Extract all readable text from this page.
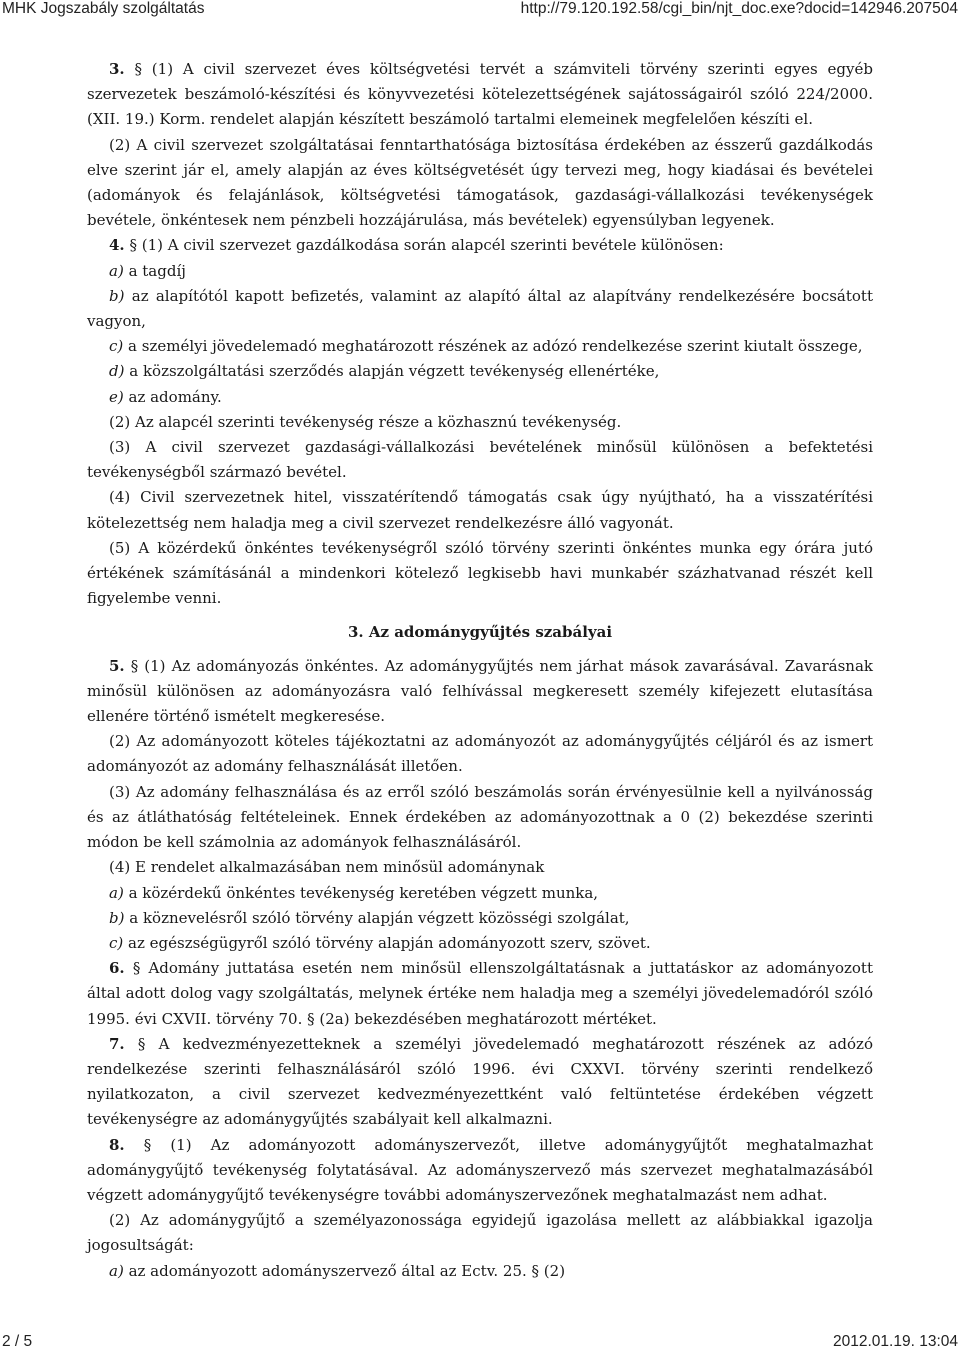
MHK Jogszabály szolgáltatás	http://79.120.192.58/cgi_bin/njt_doc.exe?docid=142946.207504

3. § (1) A civil szervezet éves költségvetési tervét a számviteli törvény szerinti egyes egyéb szervezetek beszámoló-készítési és könyvvezetési kötelezettségének sajátosságairól szóló 224/2000. (XII. 19.) Korm. rendelet alapján készített beszámoló tartalmi elemeinek megfelelően készíti el.

(2) A civil szervezet szolgáltatásai fenntarthatósága biztosítása érdekében az ésszerű gazdálkodás elve szerint jár el, amely alapján az éves költségvetését úgy tervezi meg, hogy kiadásai és bevételei (adományok és felajánlások, költségvetési támogatások, gazdasági-vállalkozási tevékenységek bevétele, önkéntesek nem pénzbeli hozzájárulása, más bevételek) egyensúlyban legyenek.

4. § (1) A civil szervezet gazdálkodása során alapcél szerinti bevétele különösen:

a) a tagdíj

b) az alapítótól kapott befizetés, valamint az alapító által az alapítvány rendelkezésére bocsátott vagyon,

c) a személyi jövedelemadó meghatározott részének az adózó rendelkezése szerint kiutalt összege,

d) a közszolgáltatási szerződés alapján végzett tevékenység ellenértéke,

e) az adomány.

(2) Az alapcél szerinti tevékenység része a közhasznú tevékenység.

(3) A civil szervezet gazdasági-vállalkozási bevételének minősül különösen a befektetési tevékenységből származó bevétel.

(4) Civil szervezetnek hitel, visszatérítendő támogatás csak úgy nyújtható, ha a visszatérítési kötelezettség nem haladja meg a civil szervezet rendelkezésre álló vagyonát.

(5) A közérdekű önkéntes tevékenységről szóló törvény szerinti önkéntes munka egy órára jutó értékének számításánál a mindenkori kötelező legkisebb havi munkabér százhatvanad részét kell figyelembe venni.

3. Az adománygyűjtés szabályai

5. § (1) Az adományozás önkéntes. Az adománygyűjtés nem járhat mások zavarásával. Zavarásnak minősül különösen az adományozásra való felhívással megkeresett személy kifejezett elutasítása ellenére történő ismételt megkeresése.

(2) Az adományozott köteles tájékoztatni az adományozót az adománygyűjtés céljáról és az ismert adományozót az adomány felhasználását illetően.

(3) Az adomány felhasználása és az erről szóló beszámolás során érvényesülnie kell a nyilvánosság és az átláthatóság feltételeinek. Ennek érdekében az adományozottnak a 0 (2) bekezdése szerinti módon be kell számolnia az adományok felhasználásáról.

(4) E rendelet alkalmazásában nem minősül adománynak

a) a közérdekű önkéntes tevékenység keretében végzett munka,

b) a köznevelésről szóló törvény alapján végzett közösségi szolgálat,

c) az egészségügyről szóló törvény alapján adományozott szerv, szövet.

6. § Adomány juttatása esetén nem minősül ellenszolgáltatásnak a juttatáskor az adományozott által adott dolog vagy szolgáltatás, melynek értéke nem haladja meg a személyi jövedelemadóról szóló 1995. évi CXVII. törvény 70. § (2a) bekezdésében meghatározott mértéket.

7. § A kedvezményezetteknek a személyi jövedelemadó meghatározott részének az adózó rendelkezése szerinti felhasználásáról szóló 1996. évi CXXVI. törvény szerinti rendelkező nyilatkozaton, a civil szervezet kedvezményezettként való feltüntetése érdekében végzett tevékenységre az adománygyűjtés szabályait kell alkalmazni.

8. § (1) Az adományozott adományszervezőt, illetve adománygyűjtőt meghatalmazhat adománygyűjtő tevékenység folytatásával. Az adományszervező más szervezet meghatalmazásából végzett adománygyűjtő tevékenységre további adományszervezőnek meghatalmazást nem adhat.

(2) Az adománygyűjtő a személyazonossága egyidejű igazolása mellett az alábbiakkal igazolja jogosultságát:

a) az adományozott adományszervező által az Ectv. 25. § (2)

2 / 5	2012.01.19. 13:04
